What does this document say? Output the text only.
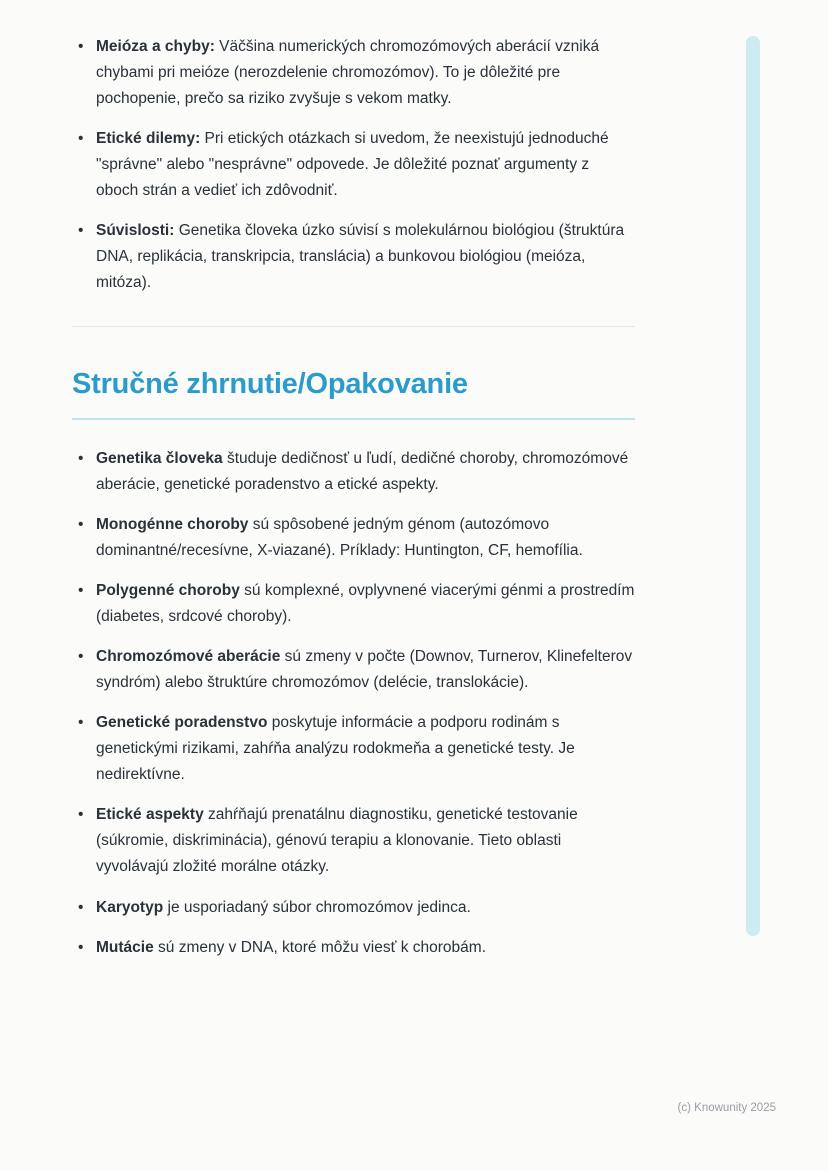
• Meióza a chyby: Väčšina numerických chromozómových aberácií vzniká chybami pri meióze (nerozdelenie chromozómov). To je dôležité pre pochopenie, prečo sa riziko zvyšuje s vekom matky.
• Etické dilemy: Pri etických otázkach si uvedom, že neexistujú jednoduché "správne" alebo "nesprávne" odpovede. Je dôležité poznať argumenty z oboch strán a vedieť ich zdôvodniť.
• Súvislosti: Genetika človeka úzko súvisí s molekulárnou biológiou (štruktúra DNA, replikácia, transkripcia, translácia) a bunkovou biológiou (meióza, mitóza).
Stručné zhrnutie/Opakovanie
• Genetika človeka študuje dedičnosť u ľudí, dedičné choroby, chromozómové aberácie, genetické poradenstvo a etické aspekty.
• Monogénne choroby sú spôsobené jedným génom (autozómovo dominantné/recesívne, X-viazané). Príklady: Huntington, CF, hemofília.
• Polygenné choroby sú komplexné, ovplyvnené viacerými génmi a prostredím (diabetes, srdcové choroby).
• Chromozómové aberácie sú zmeny v počte (Downov, Turnerov, Klinefelterov syndróm) alebo štruktúre chromozómov (delécie, translokácie).
• Genetické poradenstvo poskytuje informácie a podporu rodinám s genetickými rizikami, zahŕňa analýzu rodokmeňa a genetické testy. Je nedirektívne.
• Etické aspekty zahŕňajú prenatálnu diagnostiku, genetické testovanie (súkromie, diskriminácia), génovú terapiu a klonovanie. Tieto oblasti vyvolávajú zložité morálne otázky.
• Karyotyp je usporiadaný súbor chromozómov jedinca.
• Mutácie sú zmeny v DNA, ktoré môžu viesť k chorobám.
(c) Knowunity 2025
